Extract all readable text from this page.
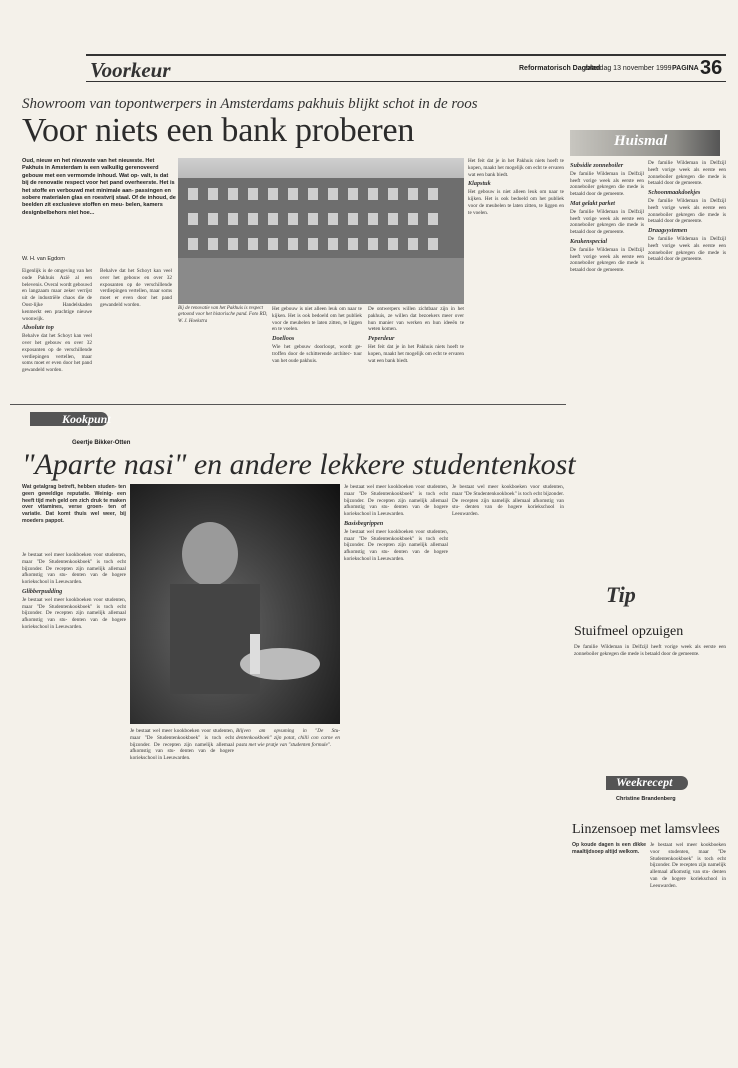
Voorkeur	Reformatorisch Dagblad
zaterdag 13 november 1999 PAGINA 36
Showroom van topontwerpers in Amsterdams pakhuis blijkt schot in de roos
Voor niets een bank proberen
Oud, nieuw en het nieuwste van het nieuwste. Het Pakhuis in Amsterdam is een valkuilig gerenoveerd gebouw met een vermomde inhoud. Wat op- valt, is dat bij de renovatie respect voor het pand overheerste. Het is het stoffe en verbouwd met minimale aan- passingen en sobere materialen glas en roestvrij staal. Of de inhoud, de beelden zit exclusieve stoffen en meu- belen, kamers designbelbehors niet hoe...
W. H. van Egdom
Eigenlijk is de omgeving van het oude Pakhuis Azië al een belevenis. Overal wordt gebouwd en langzaam maar zeker verrijst uit de industriële chaos die de Oost-lijke Handelskaden kenmerkt een prachtige nieuwe woonwijk.
Absolute top
Behalve dat het Schoyt kan veel over het gebouw en over 32 exposanten op de verschillende verdiepingen vertellen, maar soms moet er even door het pand gewandeld worden.
Behalve dat het Schoyt kan veel over het gebouw en over 32 exposanten op de verschillende verdiepingen vertellen, maar soms moet er even door het pand gewandeld worden.
Bij de renovatie van het Pakhuis is respect getoond voor het historische pand. Foto RD, W. J. Hoekstra
Het gebouw is niet alleen leuk om naar te kijken. Het is ook bedoeld om het publiek voor de meubelen te laten zitten, te liggen en te voelen.
Doelloos
Wie het gebouw doorloopt, wordt ge- troffen door de schitterende architec- tuur van het oude pakhuis.
De ontwerpers willen zichtbaar zijn in het pakhuis, ze willen dat bezoekers meer over hun manier van werken en hun ideeën te weten komen.
Peperdeur
Het feit dat je in het Pakhuis niets hoeft te kopen, maakt het mogelijk om echt te ervaren wat een bank biedt.
Het feit dat je in het Pakhuis niets hoeft te kopen, maakt het mogelijk om echt te ervaren wat een bank biedt.
Klapstuk
Het gebouw is niet alleen leuk om naar te kijken. Het is ook bedoeld om het publiek voor de meubelen te laten zitten, te liggen en te voelen.
Huismal
Subsidie zonneboiler
De familie Wildeman in Delfzijl heeft vorige week als eerste een zonneboiler gekregen die mede is betaald door de gemeente.
Mat gelakt parket
De familie Wildeman in Delfzijl heeft vorige week als eerste een zonneboiler gekregen die mede is betaald door de gemeente.
Keukenspecial
De familie Wildeman in Delfzijl heeft vorige week als eerste een zonneboiler gekregen die mede is betaald door de gemeente.
De familie Wildeman in Delfzijl heeft vorige week als eerste een zonneboiler gekregen die mede is betaald door de gemeente.
Schoonmaakdoekjes
De familie Wildeman in Delfzijl heeft vorige week als eerste een zonneboiler gekregen die mede is betaald door de gemeente.
Draagsystemen
De familie Wildeman in Delfzijl heeft vorige week als eerste een zonneboiler gekregen die mede is betaald door de gemeente.
Kookpunt
Geertje Bikker-Otten
"Aparte nasi" en andere lekkere studentenkost
Wat getalgrag betreft, hebben studen- ten geen geweldige reputatie. Weinig- een heeft tijd meh geld om zich druk te maken over vitamines, verse groen- ten of variatie. Dat komt thuis wel weer, bij moeders pappot.
Je bestaat wel meer kookboeken voor studenten, maar "De Studentenkookboek" is toch echt bijzonder. De recepten zijn namelijk allemaal afkomstig van stu- denten van de hogere koriekschool in Leeuwarden.
Glibberpudding
Je bestaat wel meer kookboeken voor studenten, maar "De Studentenkookboek" is toch echt bijzonder. De recepten zijn namelijk allemaal afkomstig van stu- denten van de hogere koriekschool in Leeuwarden.
Je bestaat wel meer kookboeken voor studenten, maar "De Studentenkookboek" is toch echt bijzonder. De recepten zijn namelijk allemaal afkomstig van stu- denten van de hogere koriekschool in Leeuwarden.
Blijven am opvuming in "De Stu- dentenkookboek" zijn potat, chilli con carne en pasta met wie pratje van "studenten formule".
Je bestaat wel meer kookboeken voor studenten, maar "De Studentenkookboek" is toch echt bijzonder. De recepten zijn namelijk allemaal afkomstig van stu- denten van de hogere koriekschool in Leeuwarden.
Basisbegrippen
Je bestaat wel meer kookboeken voor studenten, maar "De Studentenkookboek" is toch echt bijzonder. De recepten zijn namelijk allemaal afkomstig van stu- denten van de hogere koriekschool in Leeuwarden.
Je bestaat wel meer kookboeken voor studenten, maar "De Studentenkookboek" is toch echt bijzonder. De recepten zijn namelijk allemaal afkomstig van stu- denten van de hogere koriekschool in Leeuwarden.
Tip
Stuifmeel opzuigen
De familie Wildeman in Delfzijl heeft vorige week als eerste een zonneboiler gekregen die mede is betaald door de gemeente.
Weekrecept
Christine Brandenberg
Linzensoep met lamsvlees
Op koude dagen is een dikke maaltijdsoep altijd welkom.
Je bestaat wel meer kookboeken voor studenten, maar "De Studentenkookboek" is toch echt bijzonder. De recepten zijn namelijk allemaal afkomstig van stu- denten van de hogere koriekschool in Leeuwarden.
